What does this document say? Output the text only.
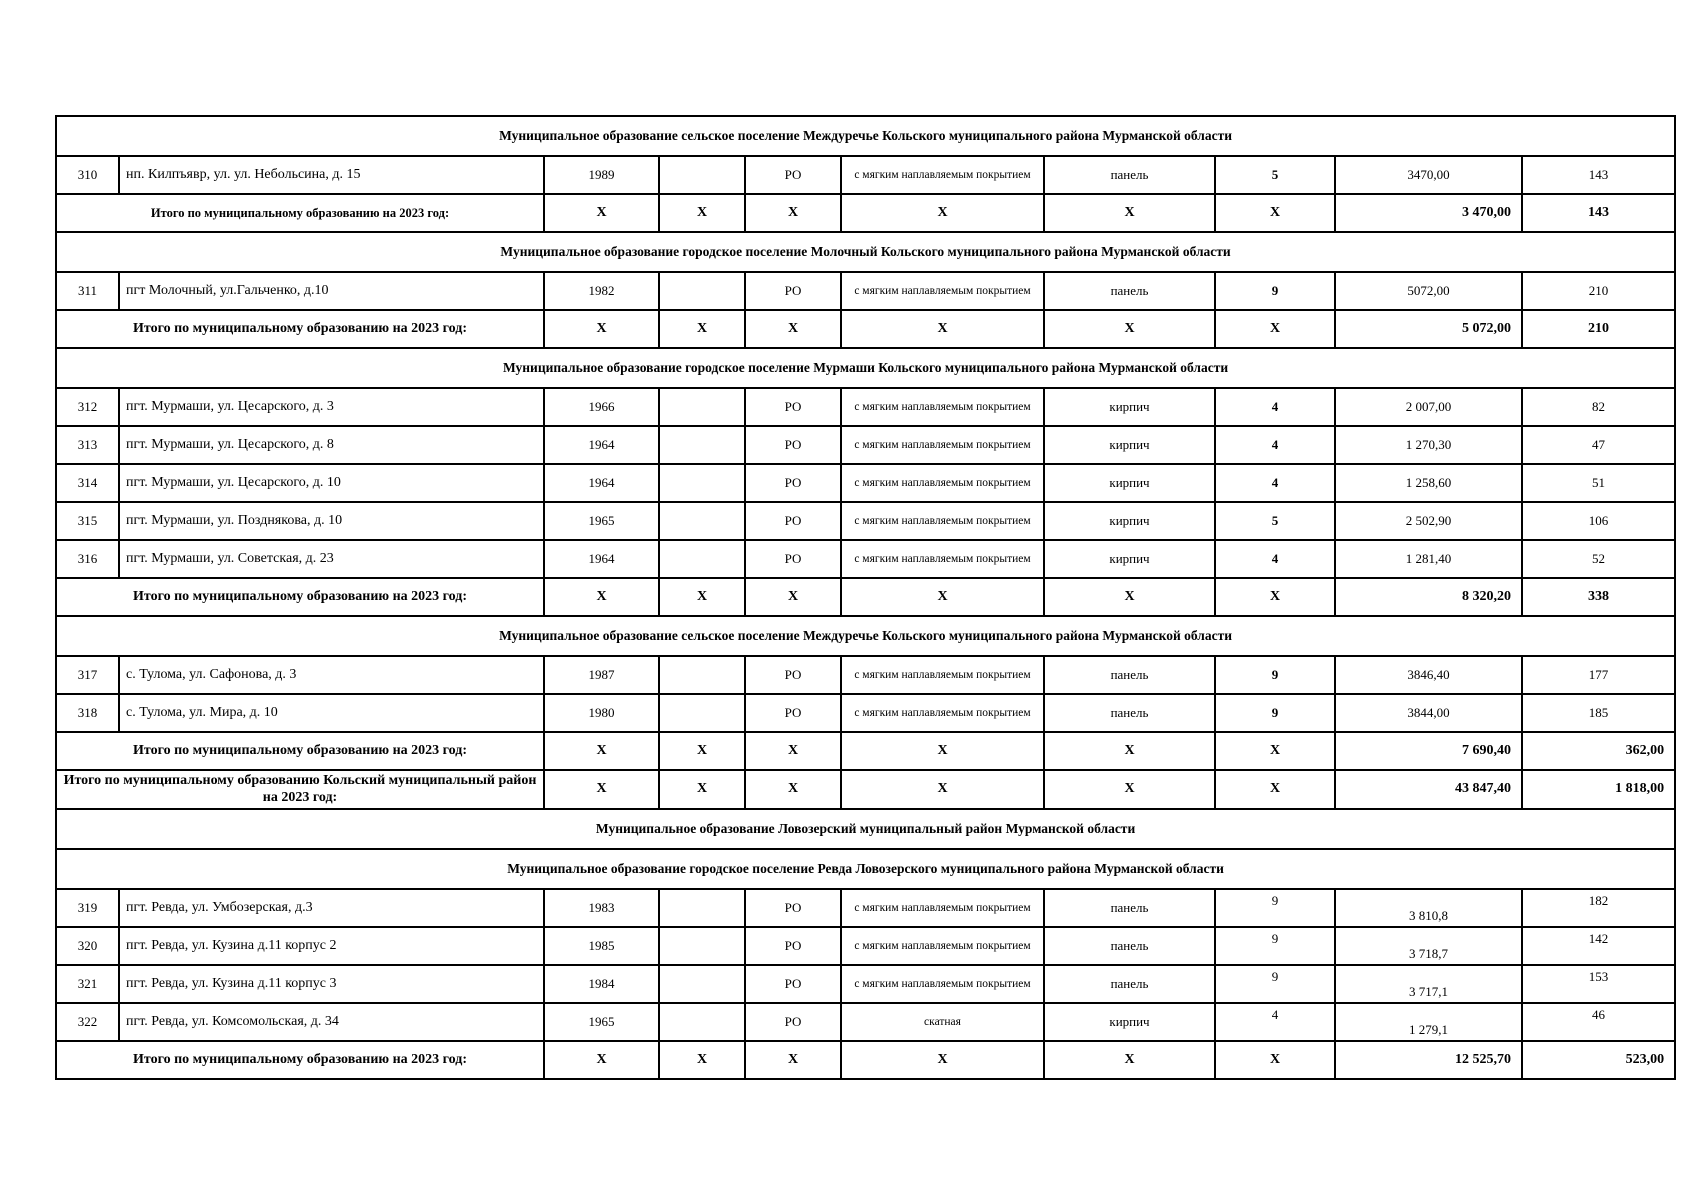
Муниципальное образование сельское поселение Междуречье Кольского муниципального района Мурманской области									
310	нп. Килпъявр, ул. ул. Небольсина, д. 15	1989		РО	с мягким наплавляемым покрытием	панель	5	3470,00	143
Итого по муниципальному образованию на 2023 год:		X	X	X	X	X	X	3 470,00	143
Муниципальное образование городское поселение Молочный Кольского муниципального района Мурманской области									
311	пгт Молочный, ул.Гальченко, д.10	1982		РО	с мягким наплавляемым покрытием	панель	9	5072,00	210
Итого по муниципальному образованию на 2023 год:		X	X	X	X	X	X	5 072,00	210
Муниципальное образование городское поселение Мурмаши Кольского муниципального района Мурманской области									
312	пгт. Мурмаши, ул. Цесарского, д. 3	1966		РО	с мягким наплавляемым покрытием	кирпич	4	2 007,00	82
313	пгт. Мурмаши, ул. Цесарского, д. 8	1964		РО	с мягким наплавляемым покрытием	кирпич	4	1 270,30	47
314	пгт. Мурмаши, ул. Цесарского, д. 10	1964		РО	с мягким наплавляемым покрытием	кирпич	4	1 258,60	51
315	пгт. Мурмаши, ул. Позднякова, д. 10	1965		РО	с мягким наплавляемым покрытием	кирпич	5	2 502,90	106
316	пгт. Мурмаши, ул. Советская, д. 23	1964		РО	с мягким наплавляемым покрытием	кирпич	4	1 281,40	52
Итого по муниципальному образованию на 2023 год:		X	X	X	X	X	X	8 320,20	338
Муниципальное образование сельское поселение Междуречье Кольского муниципального района Мурманской области									
317	с. Тулома, ул. Сафонова, д. 3	1987		РО	с мягким наплавляемым покрытием	панель	9	3846,40	177
318	с. Тулома, ул. Мира, д. 10	1980		РО	с мягким наплавляемым покрытием	панель	9	3844,00	185
Итого по муниципальному образованию на 2023 год:		X	X	X	X	X	X	7 690,40	362,00
Итого по муниципальному образованию Кольский муниципальный район на 2023 год:		X	X	X	X	X	X	43 847,40	1 818,00
Муниципальное образование Ловозерский муниципальный район Мурманской области									
Муниципальное образование городское поселение Ревда Ловозерского муниципального района Мурманской области									
319	пгт. Ревда, ул. Умбозерская, д.3	1983		РО	с мягким наплавляемым покрытием	панель	9	3 810,8	182
320	пгт. Ревда, ул. Кузина д.11 корпус 2	1985		РО	с мягким наплавляемым покрытием	панель	9	3 718,7	142
321	пгт. Ревда, ул. Кузина д.11 корпус 3	1984		РО	с мягким наплавляемым покрытием	панель	9	3 717,1	153
322	пгт. Ревда, ул. Комсомольская, д. 34	1965		РО	скатная	кирпич	4	1 279,1	46
Итого по муниципальному образованию на 2023 год:		X	X	X	X	X	X	12 525,70	523,00
